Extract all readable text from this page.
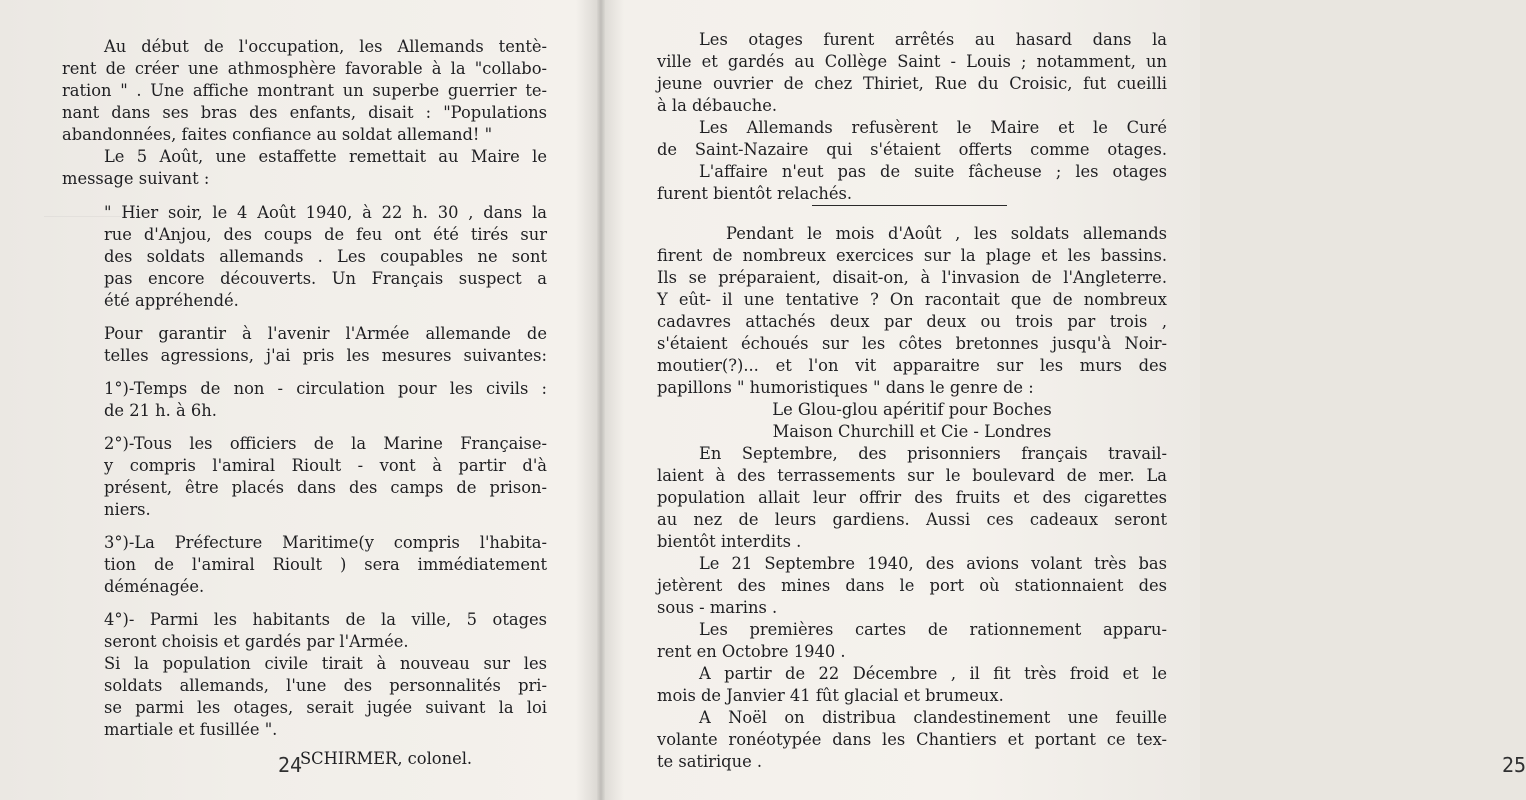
Au début de l'occupation, les Allemands tentè-
rent de créer une athmosphère favorable à la "collabo-
ration " . Une affiche montrant un superbe guerrier te-
nant dans ses bras des enfants, disait : "Populations
abandonnées, faites confiance au soldat allemand! "
Le 5 Août, une estaffette remettait au Maire le
message suivant :
" Hier soir, le 4 Août 1940, à 22 h. 30 , dans la
rue d'Anjou, des coups de feu ont été tirés sur
des soldats allemands . Les coupables ne sont
pas encore découverts. Un Français suspect a
été appréhendé.
Pour garantir à l'avenir l'Armée allemande de
telles agressions, j'ai pris les mesures suivantes:
1°)-Temps de non - circulation pour les civils :
de 21 h. à 6h.
2°)-Tous les officiers de la Marine Française-
y compris l'amiral Rioult - vont à partir d'à
présent, être placés dans des camps de prison-
niers.
3°)-La Préfecture Maritime(y compris l'habita-
tion de l'amiral Rioult ) sera immédiatement
déménagée.
4°)- Parmi les habitants de la ville, 5 otages
seront choisis et gardés par l'Armée.
Si la population civile tirait à nouveau sur les
soldats allemands, l'une des personnalités pri-
se parmi les otages, serait jugée suivant la loi
martiale et fusillée ".
SCHIRMER, colonel.
24
Les otages furent arrêtés au hasard dans la
ville et gardés au Collège Saint - Louis ; notamment, un
jeune ouvrier de chez Thiriet, Rue du Croisic, fut cueilli
à la débauche.
Les Allemands refusèrent le Maire et le Curé
de Saint-Nazaire qui s'étaient offerts comme otages.
L'affaire n'eut pas de suite fâcheuse ; les otages
furent bientôt relachés.
Pendant le mois d'Août , les soldats allemands
firent de nombreux exercices sur la plage et les bassins.
Ils se préparaient, disait-on, à l'invasion de l'Angleterre.
Y eût- il une tentative ? On racontait que de nombreux
cadavres attachés deux par deux ou trois par trois ,
s'étaient échoués sur les côtes bretonnes jusqu'à Noir-
moutier(?)... et l'on vit apparaitre sur les murs des
papillons " humoristiques " dans le genre de :
Le Glou-glou apéritif pour Boches
Maison Churchill et Cie - Londres
En Septembre, des prisonniers français travail-
laient à des terrassements sur le boulevard de mer. La
population allait leur offrir des fruits et des cigarettes
au nez de leurs gardiens. Aussi ces cadeaux seront
bientôt interdits .
Le 21 Septembre 1940, des avions volant très bas
jetèrent des mines dans le port où stationnaient des
sous - marins .
Les premières cartes de rationnement apparu-
rent en Octobre 1940 .
A partir de 22 Décembre , il fit très froid et le
mois de Janvier 41 fût glacial et brumeux.
A Noël on distribua clandestinement une feuille
volante ronéotypée dans les Chantiers et portant ce tex-
te satirique .	25
